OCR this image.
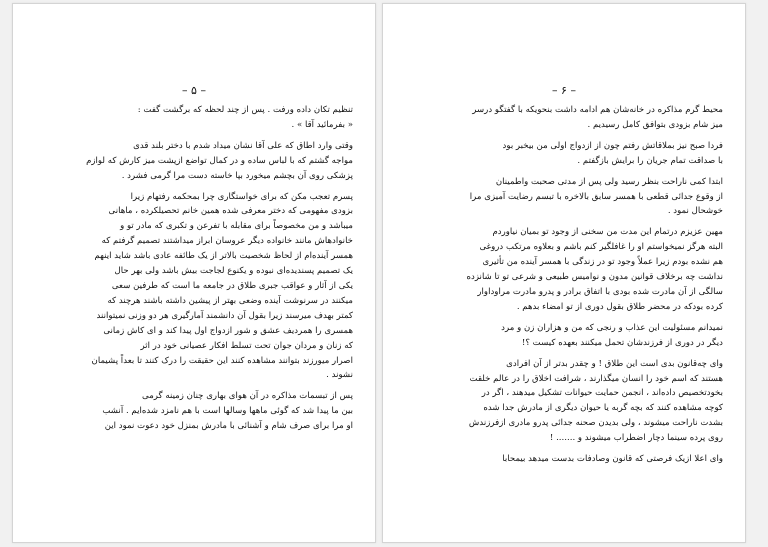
– ۵ –

تنظیم تکان داده ورفت . پس از چند لحظه که برگشت گفت :
« بفرمائید آقا » .

وقتی وارد اطاق که علی آقا نشان میداد شدم با دختر بلند قدی
مواجه گشتم که با لباس ساده و در کمال تواضع ازپشت میز کارش که لوازم
پزشکی روی آن بچشم میخورد بپا خاسته دست مرا گرمی فشرد .

پسرم تعجب مکن که برای خواستگاری چرا بمحکمه رفتهام زیرا
بزودی مفهومی که دختر معرفی شده همین خانم تحصیلکرده ، ماهانی
میباشد و من مخصوصاً برای مقابله با تفرعن و تکبری که مادر تو و
خانوادهاش مانند خانواده دیگر عروسان ابراز میداشتند تصمیم گرفتم که
همسر آینده‌ام از لحاظ شخصیت بالاتر از یک طائفه عادی باشد شاید اینهم
یک تصمیم پسندیده‌ای نبوده و یکنوع لجاجت بیش باشد ولی بهر حال
یکی از آثار و عواقب جبری طلاق در جامعه ما است که طرفین سعی
میکنند در سرنوشت آینده وضعی بهتر از پیشین داشته باشند هرچند که
کمتر بهدف میرسند زیرا بقول آن دانشمند آمارگیری هر دو وزنی نمیتوانند
همسری را همردیف عشق و شور ازدواج اول پیدا کند و ای کاش زمانی
که زنان و مردان جوان تحت تسلط افکار عصیانی خود در اثر
اصرار میورزند بتوانند مشاهده کنند این حقیقت را درک کنند تا بعداً پشیمان
نشوند .

پس از تبسمات مذاکره در آن هوای بهاری چنان زمینه گرمی
بین ما پیدا شد که گوئی ماهها وسالها است با هم نامزد شده‌ایم . آنشب
او مرا برای صرف شام و آشنائی با مادرش بمنزل خود دعوت نمود این

– ۶ –

محیط گرم مذاکره در خانه‌شان هم ادامه داشت بنحویکه با گفتگو درسر
میز شام بزودی بتوافق کامل رسیدیم .

فردا صبح نیز بملاقاتش رفتم چون از ازدواج اولی من بیخبر بود
با صداقت تمام جریان را برایش بازگفتم .

ابتدا کمی ناراحت بنظر رسید ولی پس از مدتی صحبت واطمینان
از وقوع جدائی قطعی با همسر سابق بالاخره با تبسم رضایت آمیزی مرا
خوشحال نمود .

مهین عزیزم درتمام این مدت من سخنی از وجود تو بمیان نیاوردم
البته هرگز نمیخواستم او را غافلگیر کنم باشم و بعلاوه مرتکب دروغی
هم نشده بودم زیرا عملاً وجود تو در زندگی با همسر آینده من تأثیری
نداشت چه برخلاف قوانین مدون و نوامیس طبیعی و شرعی تو تا شانزده
سالگی از آن مادرت شده بودی با اتفاق برادر و پدرو مادرت مراوداوار
کرده بودکه در محضر طلاق بقول دوری از تو امضاء بدهم .

نمیدانم مسئولیت این عذاب و رنجی که من و هزاران زن و مرد
دیگر در دوری از فرزندشان تحمل میکنند بعهده کیست ؟!

وای چه‌قانون بدی است این طلاق ! و چقدر بدتر از آن افرادی
هستند که اسم خود را انسان میگذارند ، شرافت اخلاق را در عالم خلقت
بخودتخصیص داده‌اند ، انجمن حمایت حیوانات تشکیل میدهند ، اگر در
کوچه مشاهده کنند که بچه گربه یا حیوان دیگری از مادرش جدا شده
بشدت ناراحت میشوند ، ولی بدیدن صحنه جدائی پدرو مادری ازفرزندش
روی پرده سینما دچار اضطراب میشوند و ....... !

وای اعلا ازیک فرصتی که قانون وصادفات بدست میدهد بیمحابا
